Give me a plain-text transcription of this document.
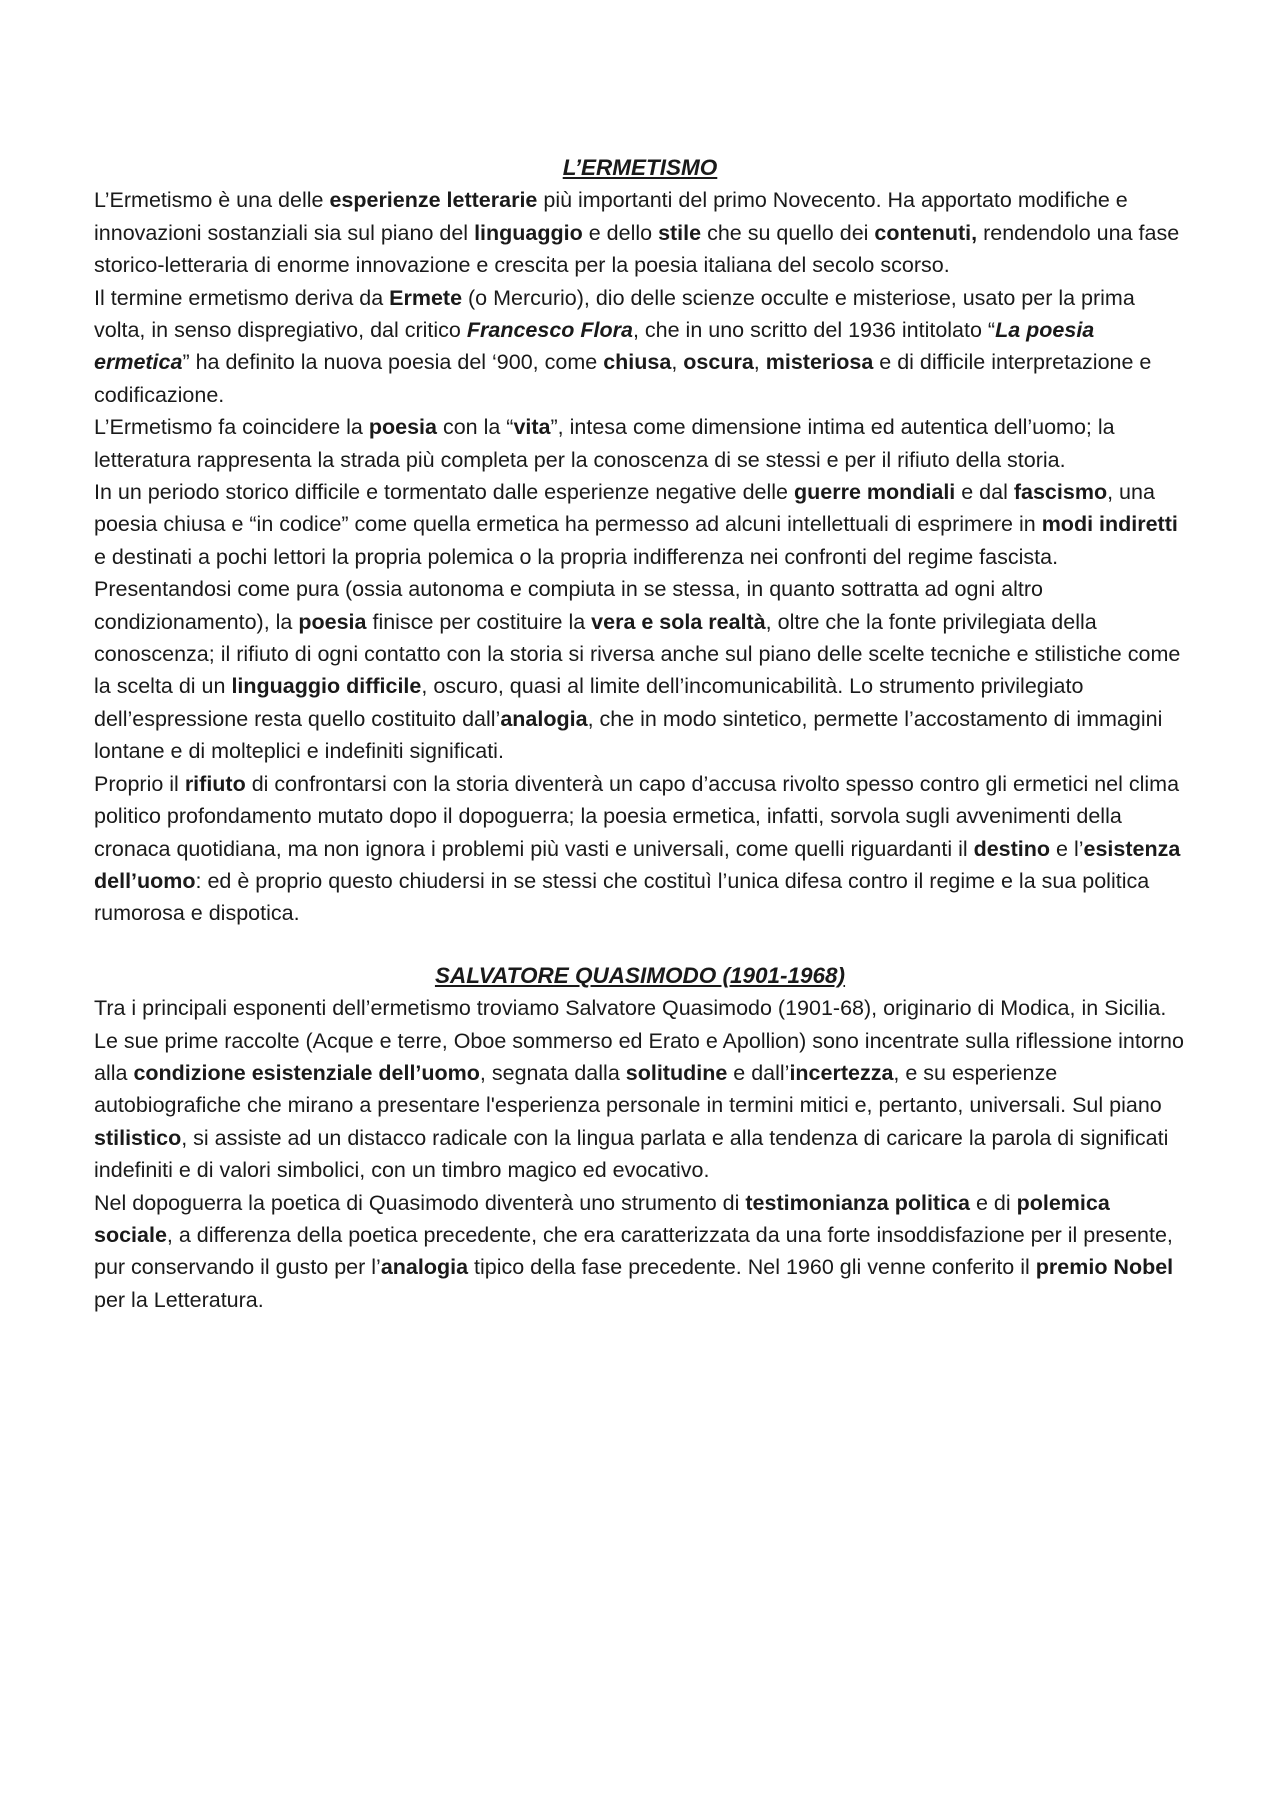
L’ERMETISMO

L’Ermetismo è una delle esperienze letterarie più importanti del primo Novecento. Ha apportato modifiche e innovazioni sostanziali sia sul piano del linguaggio e dello stile che su quello dei contenuti, rendendolo una fase storico-letteraria di enorme innovazione e crescita per la poesia italiana del secolo scorso.

Il termine ermetismo deriva da Ermete (o Mercurio), dio delle scienze occulte e misteriose, usato per la prima volta, in senso dispregiativo, dal critico Francesco Flora, che in uno scritto del 1936 intitolato “La poesia ermetica” ha definito la nuova poesia del ‘900, come chiusa, oscura, misteriosa e di difficile interpretazione e codificazione.

L’Ermetismo fa coincidere la poesia con la “vita”, intesa come dimensione intima ed autentica dell’uomo; la letteratura rappresenta la strada più completa per la conoscenza di se stessi e per il rifiuto della storia.

In un periodo storico difficile e tormentato dalle esperienze negative delle guerre mondiali e dal fascismo, una poesia chiusa e “in codice” come quella ermetica ha permesso ad alcuni intellettuali di esprimere in modi indiretti e destinati a pochi lettori la propria polemica o la propria indifferenza nei confronti del regime fascista.

Presentandosi come pura (ossia autonoma e compiuta in se stessa, in quanto sottratta ad ogni altro condizionamento), la poesia finisce per costituire la vera e sola realtà, oltre che la fonte privilegiata della conoscenza; il rifiuto di ogni contatto con la storia si riversa anche sul piano delle scelte tecniche e stilistiche come la scelta di un linguaggio difficile, oscuro, quasi al limite dell’incomunicabilità. Lo strumento privilegiato dell’espressione resta quello costituito dall’analogia, che in modo sintetico, permette l’accostamento di immagini lontane e di molteplici e indefiniti significati.

Proprio il rifiuto di confrontarsi con la storia diventerà un capo d’accusa rivolto spesso contro gli ermetici nel clima politico profondamento mutato dopo il dopoguerra; la poesia ermetica, infatti, sorvola sugli avvenimenti della cronaca quotidiana, ma non ignora i problemi più vasti e universali, come quelli riguardanti il destino e l’esistenza dell’uomo: ed è proprio questo chiudersi in se stessi che costituì l’unica difesa contro il regime e la sua politica rumorosa e dispotica.

SALVATORE QUASIMODO (1901-1968)

Tra i principali esponenti dell’ermetismo troviamo Salvatore Quasimodo (1901-68), originario di Modica, in Sicilia. Le sue prime raccolte (Acque e terre, Oboe sommerso ed Erato e Apollion) sono incentrate sulla riflessione intorno alla condizione esistenziale dell’uomo, segnata dalla solitudine e dall’incertezza, e su esperienze autobiografiche che mirano a presentare l'esperienza personale in termini mitici e, pertanto, universali. Sul piano stilistico, si assiste ad un distacco radicale con la lingua parlata e alla tendenza di caricare la parola di significati indefiniti e di valori simbolici, con un timbro magico ed evocativo.

Nel dopoguerra la poetica di Quasimodo diventerà uno strumento di testimonianza politica e di polemica sociale, a differenza della poetica precedente, che era caratterizzata da una forte insoddisfazione per il presente, pur conservando il gusto per l’analogia tipico della fase precedente. Nel 1960 gli venne conferito il premio Nobel per la Letteratura.
